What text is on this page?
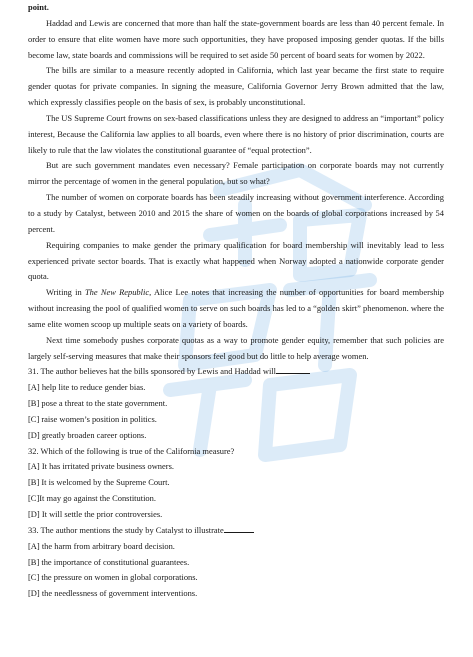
point.

Haddad and Lewis are concerned that more than half the state-government boards are less than 40 percent female. In order to ensure that elite women have more such opportunities, they have proposed imposing gender quotas. If the bills become law, state boards and commissions will be required to set aside 50 percent of board seats for women by 2022.

The bills are similar to a measure recently adopted in California, which last year became the first state to require gender quotas for private companies. In signing the measure, California Governor Jerry Brown admitted that the law, which expressly classifies people on the basis of sex, is probably unconstitutional.

The US Supreme Court frowns on sex-based classifications unless they are designed to address an “important” policy interest, Because the California law applies to all boards, even where there is no history of prior discrimination, courts are likely to rule that the law violates the constitutional guarantee of “equal protection”.

But are such government mandates even necessary? Female participation on corporate boards may not currently mirror the percentage of women in the general population, but so what?

The number of women on corporate boards has been steadily increasing without government interference. According to a study by Catalyst, between 2010 and 2015 the share of women on the boards of global corporations increased by 54 percent.

Requiring companies to make gender the primary qualification for board membership will inevitably lead to less experienced private sector boards. That is exactly what happened when Norway adopted a nationwide corporate gender quota.

Writing in The New Republic, Alice Lee notes that increasing the number of opportunities for board membership without increasing the pool of qualified women to serve on such boards has led to a “golden skirt” phenomenon. where the same elite women scoop up multiple seats on a variety of boards.

Next time somebody pushes corporate quotas as a way to promote gender equity, remember that such policies are largely self-serving measures that make their sponsors feel good but do little to help average women.

31. The author believes hat the bills sponsored by Lewis and Haddad will

[A] help lite to reduce gender bias.

[B] pose a threat to the state government.

[C] raise women’s position in politics.

[D] greatly broaden career options.

32. Which of the following is true of the California measure?

[A] It has irritated private business owners.

[B] It is welcomed by the Supreme Court.

[C]It may go against the Constitution.

[D] It will settle the prior controversies.

33. The author mentions the study by Catalyst to illustrate

[A] the harm from arbitrary board decision.

[B] the importance of constitutional guarantees.

[C] the pressure on women in global corporations.

[D] the needlessness of government interventions.
